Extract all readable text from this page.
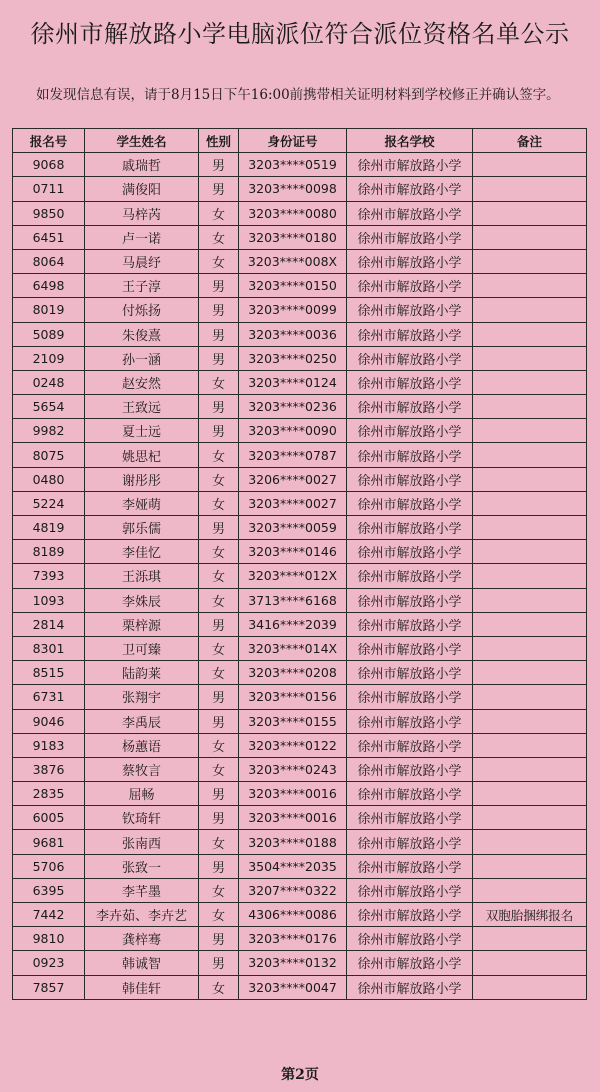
徐州市解放路小学电脑派位符合派位资格名单公示
如发现信息有误，请于8月15日下午16:00前携带相关证明材料到学校修正并确认签字。
报名号	学生姓名	性别	身份证号	报名学校	备注
9068	戚瑞哲	男	3203****0519	徐州市解放路小学	
0711	满俊阳	男	3203****0098	徐州市解放路小学	
9850	马梓芮	女	3203****0080	徐州市解放路小学	
6451	卢一诺	女	3203****0180	徐州市解放路小学	
8064	马晨纾	女	3203****008X	徐州市解放路小学	
6498	王子淳	男	3203****0150	徐州市解放路小学	
8019	付烁扬	男	3203****0099	徐州市解放路小学	
5089	朱俊熹	男	3203****0036	徐州市解放路小学	
2109	孙一涵	男	3203****0250	徐州市解放路小学	
0248	赵安然	女	3203****0124	徐州市解放路小学	
5654	王致远	男	3203****0236	徐州市解放路小学	
9982	夏士远	男	3203****0090	徐州市解放路小学	
8075	姚思杞	女	3203****0787	徐州市解放路小学	
0480	谢彤彤	女	3206****0027	徐州市解放路小学	
5224	李娅萌	女	3203****0027	徐州市解放路小学	
4819	郭乐儒	男	3203****0059	徐州市解放路小学	
8189	李佳忆	女	3203****0146	徐州市解放路小学	
7393	王泺琪	女	3203****012X	徐州市解放路小学	
1093	李姝辰	女	3713****6168	徐州市解放路小学	
2814	栗梓源	男	3416****2039	徐州市解放路小学	
8301	卫可臻	女	3203****014X	徐州市解放路小学	
8515	陆韵莱	女	3203****0208	徐州市解放路小学	
6731	张翔宇	男	3203****0156	徐州市解放路小学	
9046	李禹辰	男	3203****0155	徐州市解放路小学	
9183	杨蕙语	女	3203****0122	徐州市解放路小学	
3876	蔡牧言	女	3203****0243	徐州市解放路小学	
2835	屈畅	男	3203****0016	徐州市解放路小学	
6005	钦琦轩	男	3203****0016	徐州市解放路小学	
9681	张南西	女	3203****0188	徐州市解放路小学	
5706	张致一	男	3504****2035	徐州市解放路小学	
6395	李芊墨	女	3207****0322	徐州市解放路小学	
7442	李卉茹、李卉艺	女	4306****0086	徐州市解放路小学	双胞胎捆绑报名
9810	龚梓骞	男	3203****0176	徐州市解放路小学	
0923	韩诚智	男	3203****0132	徐州市解放路小学	
7857	韩佳轩	女	3203****0047	徐州市解放路小学	
第2页
